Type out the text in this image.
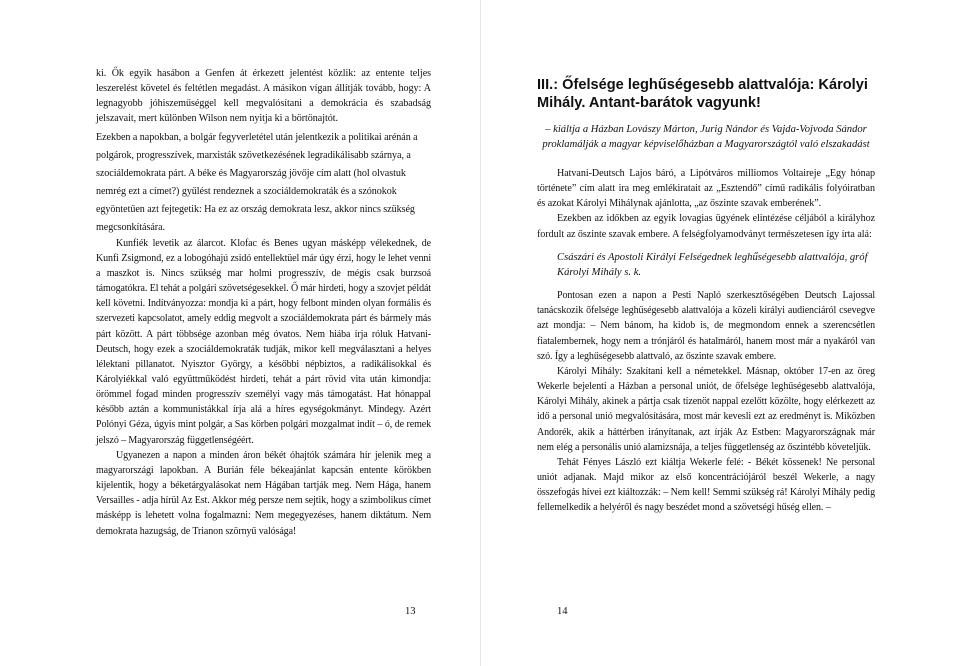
ki. Ők egyik hasábon a Genfen át érkezett jelentést közlik: az entente teljes leszerelést követel és feltétlen megadást. A másikon vígan állítják tovább, hogy: A legnagyobb jóhiszeműséggel kell megvalósítani a demokrácia és szabadság jelszavait, mert különben Wilson nem nyitja ki a börtönajtót.

Ezekben a napokban, a bolgár fegyverletétel után jelentkezik a politikai arénán a polgárok, progresszívek, marxisták szövetkezésének legradikálisabb szárnya, a szociáldemokrata párt. A béke és Magyarország jövője cím alatt (hol olvastuk nemrég ezt a címet?) gyűlést rendeznek a szociáldemokraták és a szónokok egyöntetűen azt fejtegetik: Ha ez az ország demokrata lesz, akkor nincs szükség megcsonkítására.

Kunfiék levetik az álarcot. Klofac és Benes ugyan másképp vélekednek, de Kunfi Zsigmond, ez a lobogóhajú zsidó entellektüel már úgy érzi, hogy le lehet venni a maszkot is. Nincs szükség mar holmi progresszív, de mégis csak burzsoá támogatókra. El tehát a polgári szövetségesekkel. Ő már hirdeti, hogy a szovjet példát kell követni. Indítványozza: mondja ki a párt, hogy felbont minden olyan formális és szervezeti kapcsolatot, amely eddig megvolt a szociáldemokrata párt és bármely más párt között. A párt többsége azonban még óvatos. Nem hiába írja róluk Hatvani-Deutsch, hogy ezek a szociáldemokraták tudják, mikor kell megválasztani a helyes lélektani pillanatot. Nyisztor György, a későbbi népbiztos, a radikálisokkal és Károlyiékkal való együttműködést hirdeti, tehát a párt rövid vita után kimondja: örömmel fogad minden progresszív személyi vagy más támogatást. Hat hónappal később aztán a kommunistákkal írja alá a híres egységokmányt. Mindegy. Azért Polónyi Géza, úgyis mint polgár, a Sas körben polgári mozgalmat indít – ó, de remek jelszó – Magyarország függetlenségéért.

Ugyanezen a napon a minden áron békét óhajtók számára hír jelenik meg a magyarországi lapokban. A Burián féle békeajánlat kapcsán entente körökben kijelentik, hogy a béketárgyalásokat nem Hágában tartják meg. Nem Hága, hanem Versailles - adja hírül Az Est. Akkor még persze nem sejtik, hogy a szimbolikus címet másképp is lehetett volna fogalmazni: Nem megegyezéses, hanem diktátum. Nem demokrata hazugság, de Trianon szörnyű valósága!

13
III.: Őfelsége leghűségesebb alattvalója: Károlyi Mihály. Antant-barátok vagyunk!
– kiáltja a Házban Lovászy Márton, Jurig Nándor és Vajda-Vojvoda Sándor proklamálják a magyar képviselőházban a Magyarországtól való elszakadást

Hatvani-Deutsch Lajos báró, a Lipótváros milliomos Voltaireje „Egy hónap története” cím alatt ira meg emlékiratait az „Esztendő” című radikális folyóiratban és azokat Károlyi Mihálynak ajánlotta, „az őszinte szavak emberének”.

Ezekben az időkben az egyik lovagias ügyének elintézése céljából a királyhoz fordult az őszinte szavak embere. A felségfolyamodványt természetesen így írta alá:

Császári és Apostoli Királyi Felségednek leghűségesebb alattvalója, gróf Károlyi Mihály s. k.

Pontosan ezen a napon a Pesti Napló szerkesztőségében Deutsch Lajossal tanácskozik őfelsége leghűségesebb alattvalója a közeli királyi audienciáról csevegve azt mondja: – Nem bánom, ha kidob is, de megmondom ennek a szerencsétlen fiatalembernek, hogy nem a trónjáról és hatalmáról, hanem most már a nyakáról van szó. Így a leghűségesebb alattvaló, az őszinte szavak embere.

Károlyi Mihály: Szakítani kell a németekkel. Másnap, október 17-en az öreg Wekerle bejelenti a Házban a personal uniót, de őfelsége leghűségesebb alattvalója, Károlyi Mihály, akinek a pártja csak tízenöt nappal ezelőtt közölte, hogy elérkezett az idő a personal unió megvalósítására, most már kevesli ezt az eredményt is. Miközben Andorék, akik a háttérben irányítanak, azt írják Az Estben: Magyarországnak már nem elég a personális unió alamizsnája, a teljes függetlenség az őszintébb követeljük.

Tehát Fényes László ezt kiáltja Wekerle felé: - Békét kössenek! Ne personal uniót adjanak. Majd mikor az első koncentrációjáról beszél Wekerle, a nagy összefogás hívei ezt kiáltozzák: – Nem kell! Semmi szükség rá! Károlyi Mihály pedig fellemelkedik a helyéről és nagy beszédet mond a szövetségi hűség ellen. –

14
